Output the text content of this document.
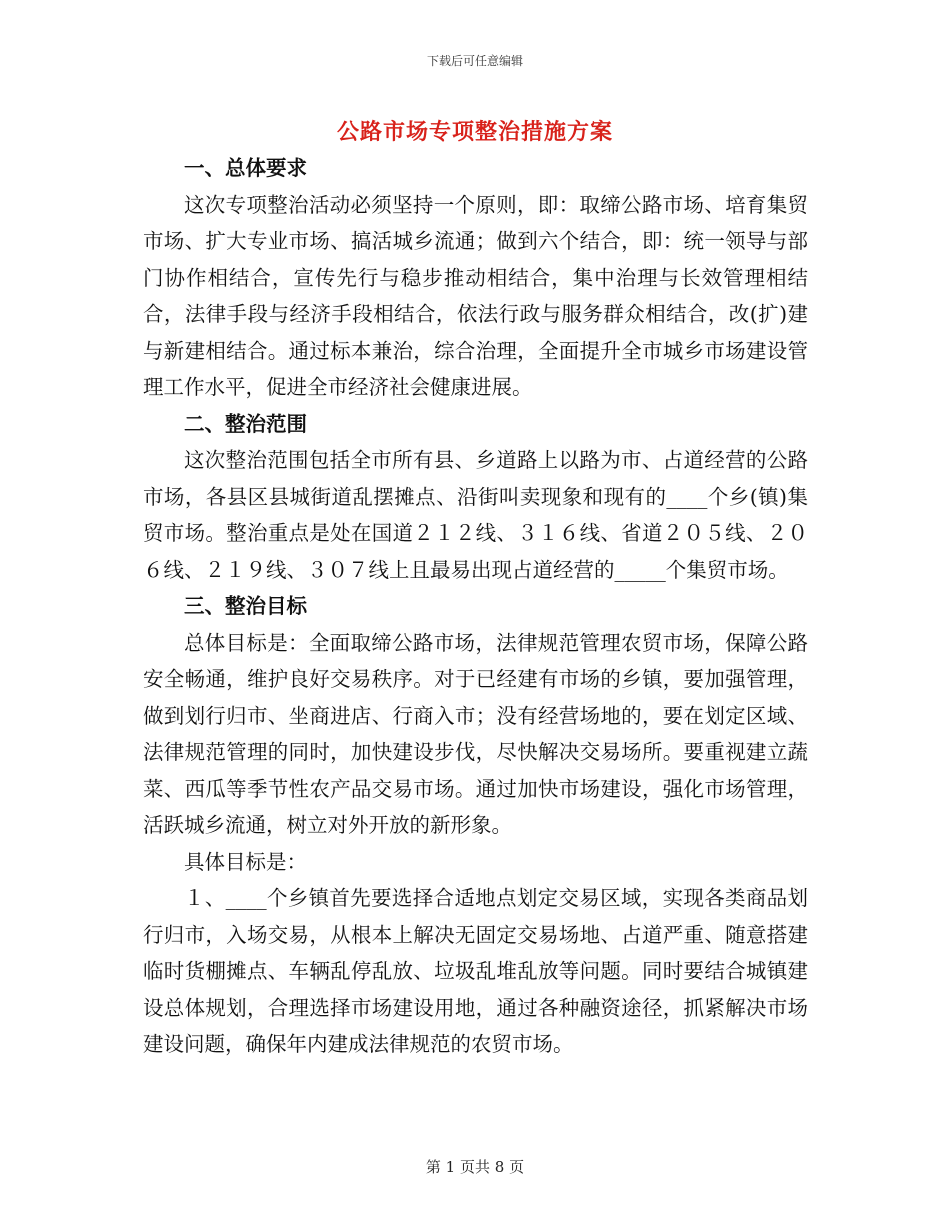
下载后可任意编辑
公路市场专项整治措施方案
一、总体要求

这次专项整治活动必须坚持一个原则，即：取缔公路市场、培育集贸市场、扩大专业市场、搞活城乡流通；做到六个结合，即：统一领导与部门协作相结合，宣传先行与稳步推动相结合，集中治理与长效管理相结合，法律手段与经济手段相结合，依法行政与服务群众相结合，改(扩)建与新建相结合。通过标本兼治，综合治理，全面提升全市城乡市场建设管理工作水平，促进全市经济社会健康进展。

二、整治范围

这次整治范围包括全市所有县、乡道路上以路为市、占道经营的公路市场，各县区县城街道乱摆摊点、沿街叫卖现象和现有的____个乡(镇)集贸市场。整治重点是处在国道２１２线、３１６线、省道２０５线、２０６线、２１９线、３０７线上且最易出现占道经营的_____个集贸市场。

三、整治目标

总体目标是：全面取缔公路市场，法律规范管理农贸市场，保障公路安全畅通，维护良好交易秩序。对于已经建有市场的乡镇，要加强管理，做到划行归市、坐商进店、行商入市；没有经营场地的，要在划定区域、法律规范管理的同时，加快建设步伐，尽快解决交易场所。要重视建立蔬菜、西瓜等季节性农产品交易市场。通过加快市场建设，强化市场管理，活跃城乡流通，树立对外开放的新形象。

具体目标是：

１、____个乡镇首先要选择合适地点划定交易区域，实现各类商品划行归市，入场交易，从根本上解决无固定交易场地、占道严重、随意搭建临时货棚摊点、车辆乱停乱放、垃圾乱堆乱放等问题。同时要结合城镇建设总体规划，合理选择市场建设用地，通过各种融资途径，抓紧解决市场建设问题，确保年内建成法律规范的农贸市场。

第 1 页共 8 页
